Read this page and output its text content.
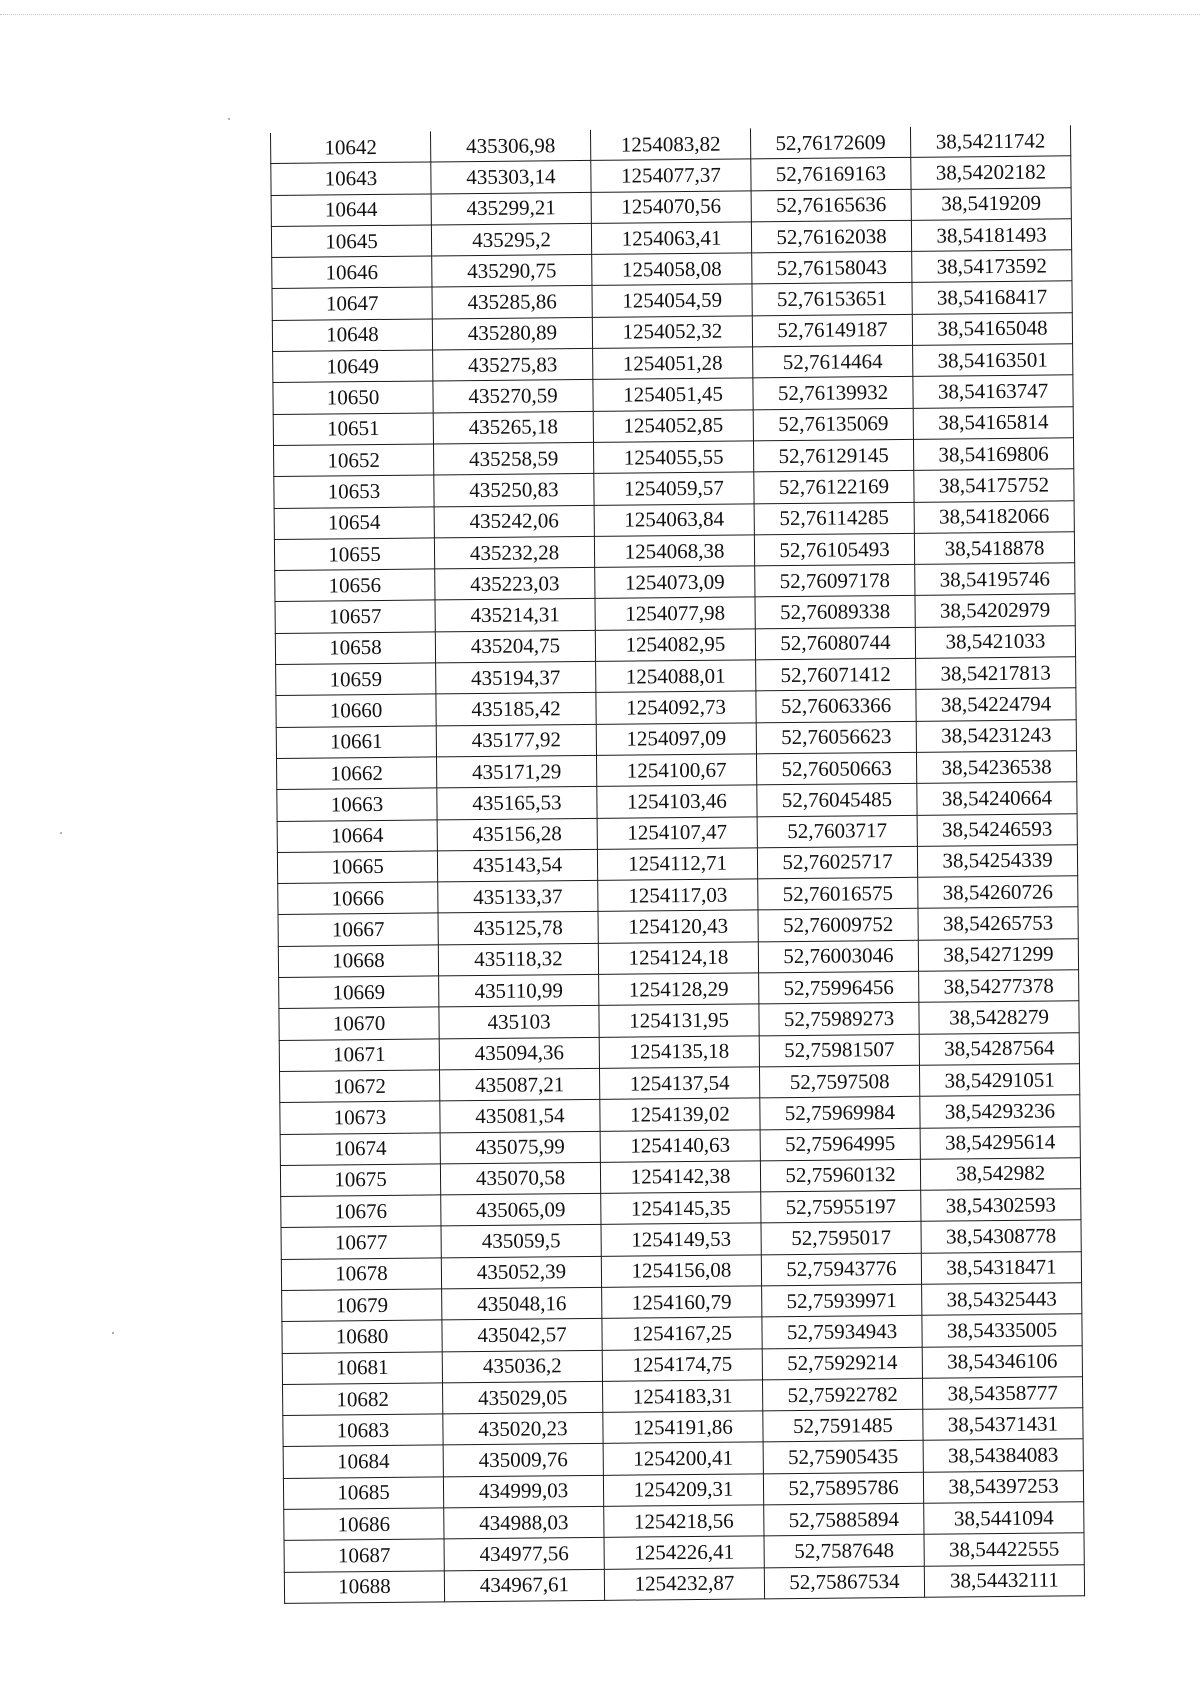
10642	435306,98	1254083,82	52,76172609	38,54211742
10643	435303,14	1254077,37	52,76169163	38,54202182
10644	435299,21	1254070,56	52,76165636	38,5419209
10645	435295,2	1254063,41	52,76162038	38,54181493
10646	435290,75	1254058,08	52,76158043	38,54173592
10647	435285,86	1254054,59	52,76153651	38,54168417
10648	435280,89	1254052,32	52,76149187	38,54165048
10649	435275,83	1254051,28	52,7614464	38,54163501
10650	435270,59	1254051,45	52,76139932	38,54163747
10651	435265,18	1254052,85	52,76135069	38,54165814
10652	435258,59	1254055,55	52,76129145	38,54169806
10653	435250,83	1254059,57	52,76122169	38,54175752
10654	435242,06	1254063,84	52,76114285	38,54182066
10655	435232,28	1254068,38	52,76105493	38,5418878
10656	435223,03	1254073,09	52,76097178	38,54195746
10657	435214,31	1254077,98	52,76089338	38,54202979
10658	435204,75	1254082,95	52,76080744	38,5421033
10659	435194,37	1254088,01	52,76071412	38,54217813
10660	435185,42	1254092,73	52,76063366	38,54224794
10661	435177,92	1254097,09	52,76056623	38,54231243
10662	435171,29	1254100,67	52,76050663	38,54236538
10663	435165,53	1254103,46	52,76045485	38,54240664
10664	435156,28	1254107,47	52,7603717	38,54246593
10665	435143,54	1254112,71	52,76025717	38,54254339
10666	435133,37	1254117,03	52,76016575	38,54260726
10667	435125,78	1254120,43	52,76009752	38,54265753
10668	435118,32	1254124,18	52,76003046	38,54271299
10669	435110,99	1254128,29	52,75996456	38,54277378
10670	435103	1254131,95	52,75989273	38,5428279
10671	435094,36	1254135,18	52,75981507	38,54287564
10672	435087,21	1254137,54	52,7597508	38,54291051
10673	435081,54	1254139,02	52,75969984	38,54293236
10674	435075,99	1254140,63	52,75964995	38,54295614
10675	435070,58	1254142,38	52,75960132	38,542982
10676	435065,09	1254145,35	52,75955197	38,54302593
10677	435059,5	1254149,53	52,7595017	38,54308778
10678	435052,39	1254156,08	52,75943776	38,54318471
10679	435048,16	1254160,79	52,75939971	38,54325443
10680	435042,57	1254167,25	52,75934943	38,54335005
10681	435036,2	1254174,75	52,75929214	38,54346106
10682	435029,05	1254183,31	52,75922782	38,54358777
10683	435020,23	1254191,86	52,7591485	38,54371431
10684	435009,76	1254200,41	52,75905435	38,54384083
10685	434999,03	1254209,31	52,75895786	38,54397253
10686	434988,03	1254218,56	52,75885894	38,5441094
10687	434977,56	1254226,41	52,7587648	38,54422555
10688	434967,61	1254232,87	52,75867534	38,54432111
